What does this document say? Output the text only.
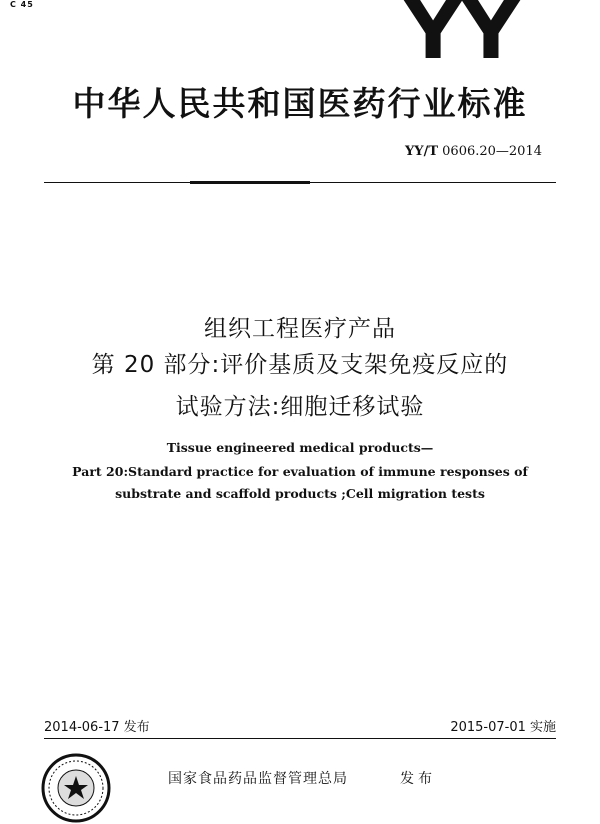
C 45	YY
中华人民共和国医药行业标准
YY/T 0606.20—2014
组织工程医疗产品
第 20 部分:评价基质及支架免疫反应的
试验方法:细胞迁移试验
Tissue engineered medical products—
Part 20:Standard practice for evaluation of immune responses of
substrate and scaffold products ;Cell migration tests
2014-06-17 发布	2015-07-01 实施
国家食品药品监督管理总局	发布
